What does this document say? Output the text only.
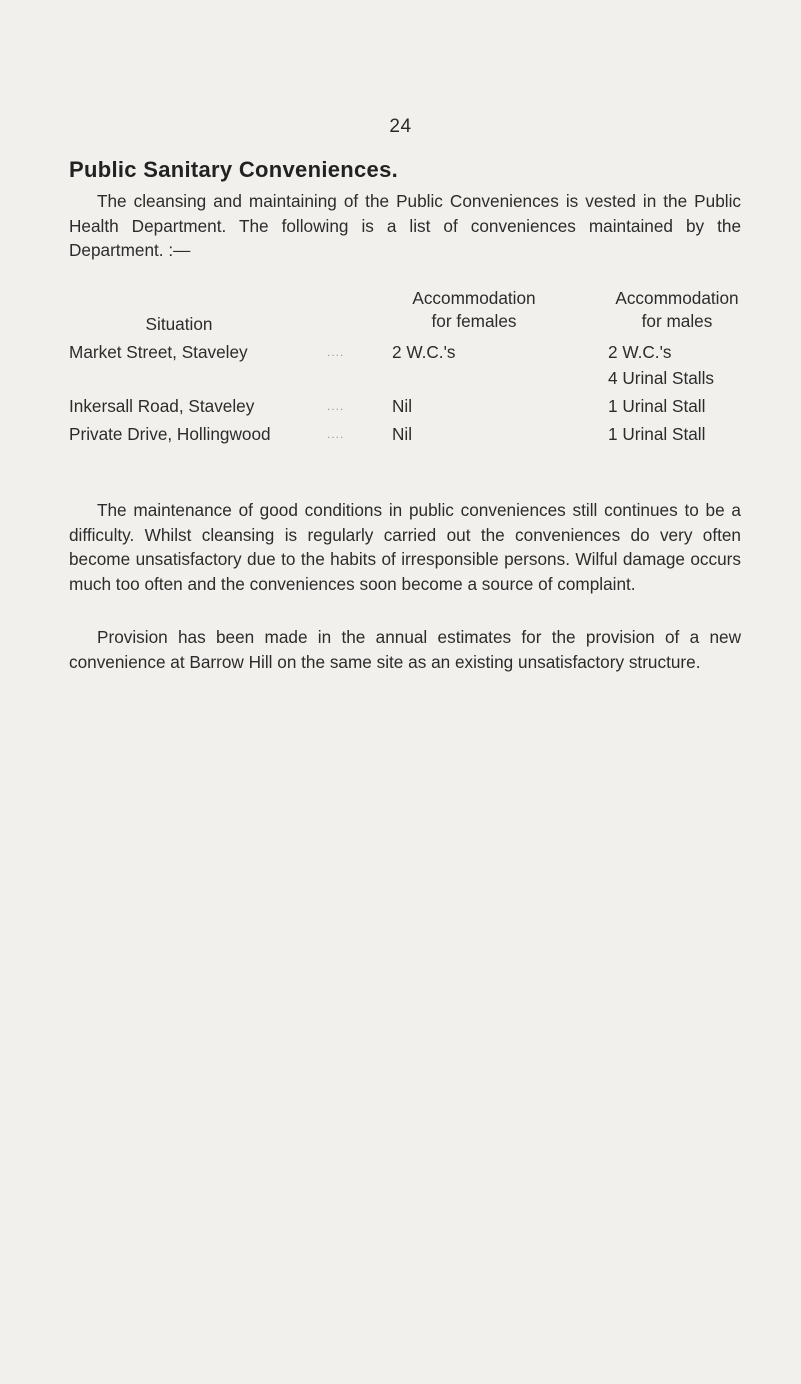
24
Public Sanitary Conveniences.
The cleansing and maintaining of the Public Conveniences is vested in the Public Health Department. The following is a list of conveniences maintained by the Department. :—
Situation
Accommodation
for females
Accommodation
for males
Market Street, Staveley	....	2 W.C.'s	2 W.C.'s
4 Urinal Stalls
Inkersall Road, Staveley	....	Nil	1 Urinal Stall
Private Drive, Hollingwood	....	Nil	1 Urinal Stall
The maintenance of good conditions in public conveniences still continues to be a difficulty. Whilst cleansing is regularly carried out the conveniences do very often become unsatisfactory due to the habits of irresponsible persons. Wilful damage occurs much too often and the conveniences soon become a source of complaint.
Provision has been made in the annual estimates for the provision of a new convenience at Barrow Hill on the same site as an existing unsatisfactory structure.
